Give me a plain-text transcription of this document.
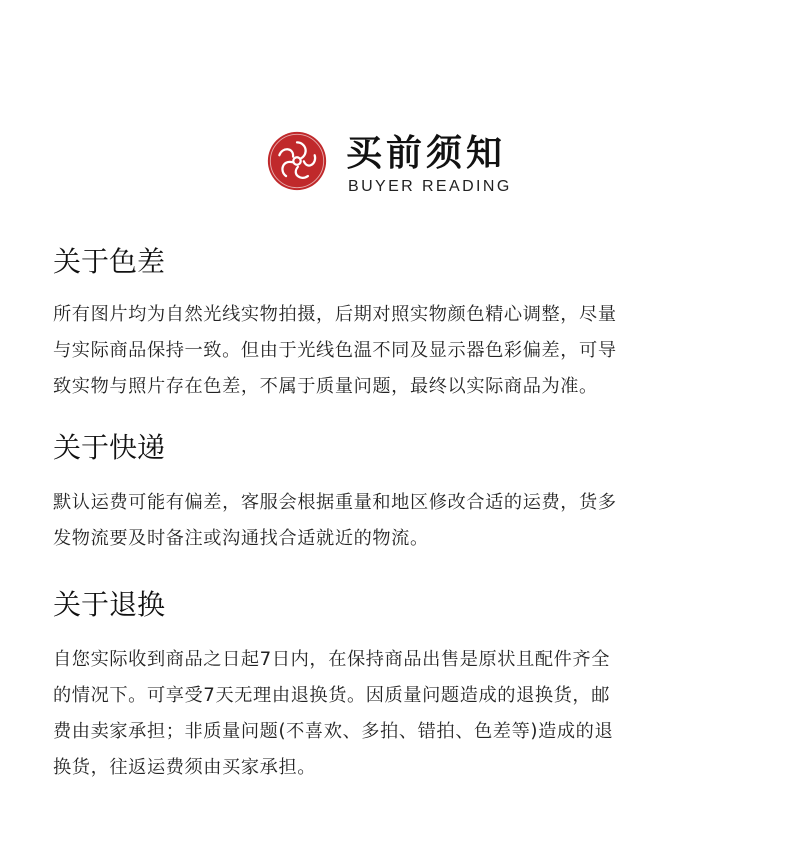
买前须知
BUYER READING
关于色差

所有图片均为自然光线实物拍摄，后期对照实物颜色精心调整，尽量
与实际商品保持一致。但由于光线色温不同及显示器色彩偏差，可导
致实物与照片存在色差，不属于质量问题，最终以实际商品为准。

关于快递

默认运费可能有偏差，客服会根据重量和地区修改合适的运费，货多
发物流要及时备注或沟通找合适就近的物流。

关于退换

自您实际收到商品之日起7日内，在保持商品出售是原状且配件齐全
的情况下。可享受7天无理由退换货。因质量问题造成的退换货，邮
费由卖家承担；非质量问题(不喜欢、多拍、错拍、色差等)造成的退
换货，往返运费须由买家承担。
